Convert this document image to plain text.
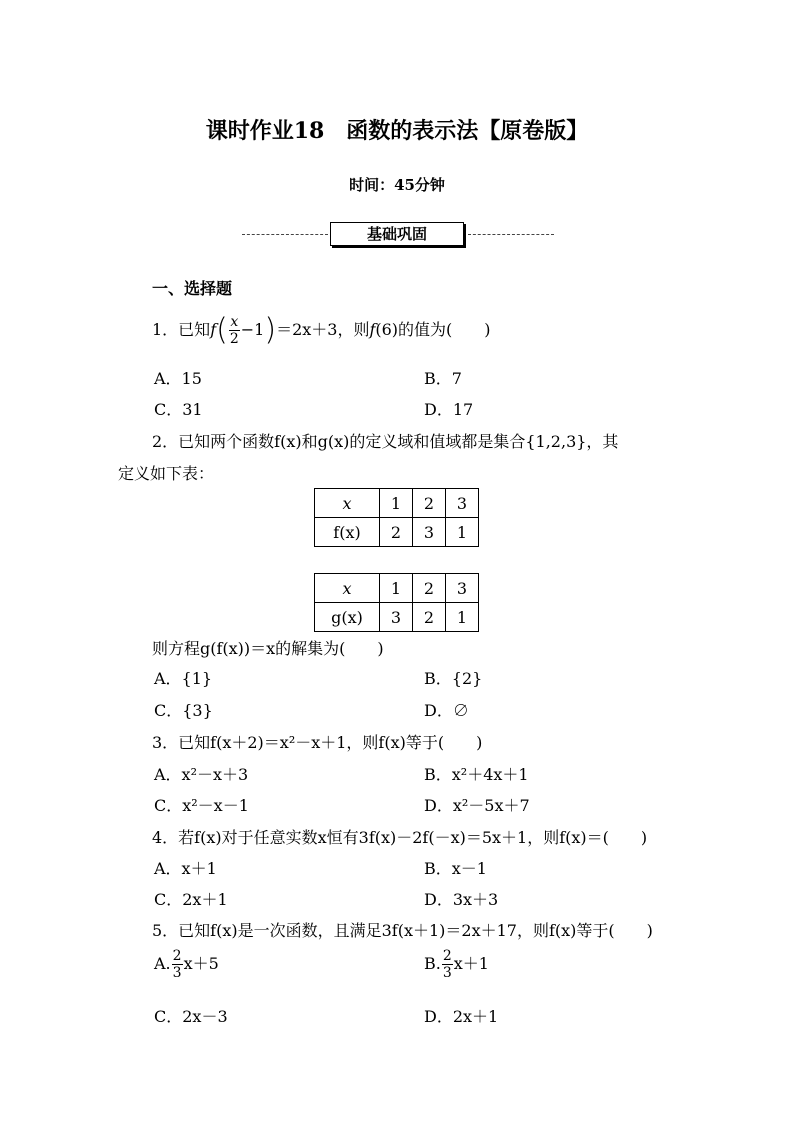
课时作业18　函数的表示法【原卷版】
时间：45分钟
基础巩固
一、选择题
1．已知$f( \frac{x}{2} -1)=2x+3$，则f(6)的值为(　　)
A．15	B．7
C．31	D．17
2．已知两个函数f(x)和g(x)的定义域和值域都是集合{1,2,3}，其
定义如下表：
x	1	2	3
f(x)	2	3	1
x	1	2	3
g(x)	3	2	1
则方程g(f(x))＝x的解集为(　　)
A．{1}	B．{2}
C．{3}	D．∅
3．已知f(x＋2)＝x²－x＋1，则f(x)等于(　　)
A．x²－x＋3	B．x²＋4x＋1
C．x²－x－1	D．x²－5x＋7
4．若f(x)对于任意实数x恒有3f(x)－2f(－x)＝5x＋1，则f(x)＝(　　)
A．x＋1	B．x－1
C．2x＋1	D．3x＋3
5．已知f(x)是一次函数，且满足3f(x＋1)＝2x＋17，则f(x)等于(　　)
A. $\frac{2}{3} x+5$	B. $\frac{2}{3} x+1$
C．2x－3	D．2x＋1
